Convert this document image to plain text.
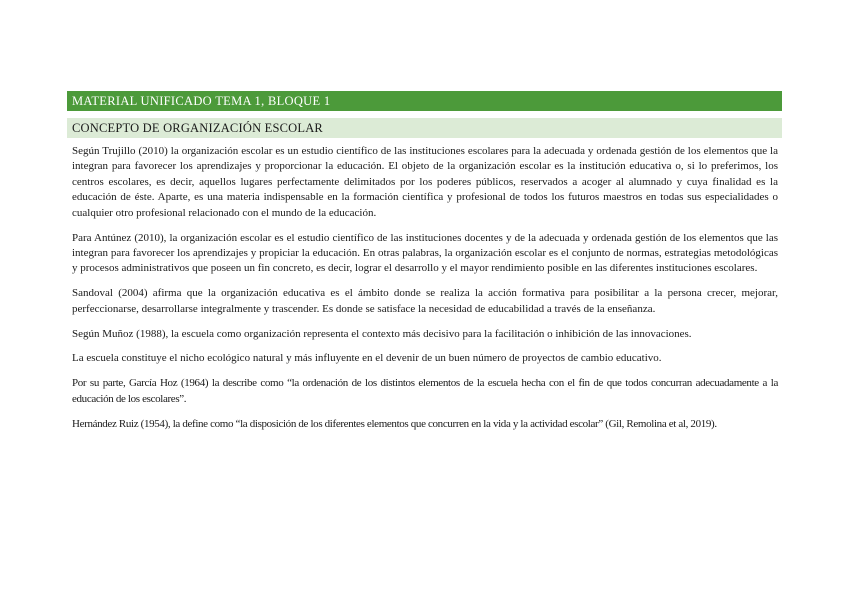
MATERIAL UNIFICADO TEMA 1, BLOQUE 1
CONCEPTO DE ORGANIZACIÓN ESCOLAR

Según Trujillo (2010) la organización escolar es un estudio científico de las instituciones escolares para la adecuada y ordenada gestión de los elementos que la integran para favorecer los aprendizajes y proporcionar la educación. El objeto de la organización escolar es la institución educativa o, si lo preferimos, los centros escolares, es decir, aquellos lugares perfectamente delimitados por los poderes públicos, reservados a acoger al alumnado y cuya finalidad es la educación de éste. Aparte, es una materia indispensable en la formación científica y profesional de todos los futuros maestros en todas sus especialidades o cualquier otro profesional relacionado con el mundo de la educación.

Para Antúnez (2010), la organización escolar es el estudio científico de las instituciones docentes y de la adecuada y ordenada gestión de los elementos que las integran para favorecer los aprendizajes y propiciar la educación. En otras palabras, la organización escolar es el conjunto de normas, estrategias metodológicas y procesos administrativos que poseen un fin concreto, es decir, lograr el desarrollo y el mayor rendimiento posible en las diferentes instituciones escolares.

Sandoval (2004) afirma que la organización educativa es el ámbito donde se realiza la acción formativa para posibilitar a la persona crecer, mejorar, perfeccionarse, desarrollarse integralmente y trascender. Es donde se satisface la necesidad de educabilidad a través de la enseñanza.

Según Muñoz (1988), la escuela como organización representa el contexto más decisivo para la facilitación o inhibición de las innovaciones.

La escuela constituye el nicho ecológico natural y más influyente en el devenir de un buen número de proyectos de cambio educativo.

Por su parte, García Hoz (1964) la describe como “la ordenación de los distintos elementos de la escuela hecha con el fin de que todos concurran adecuadamente a la educación de los escolares”.

Hernández Ruiz (1954), la define como “la disposición de los diferentes elementos que concurren en la vida y la actividad escolar” (Gil, Remolina et al, 2019).
